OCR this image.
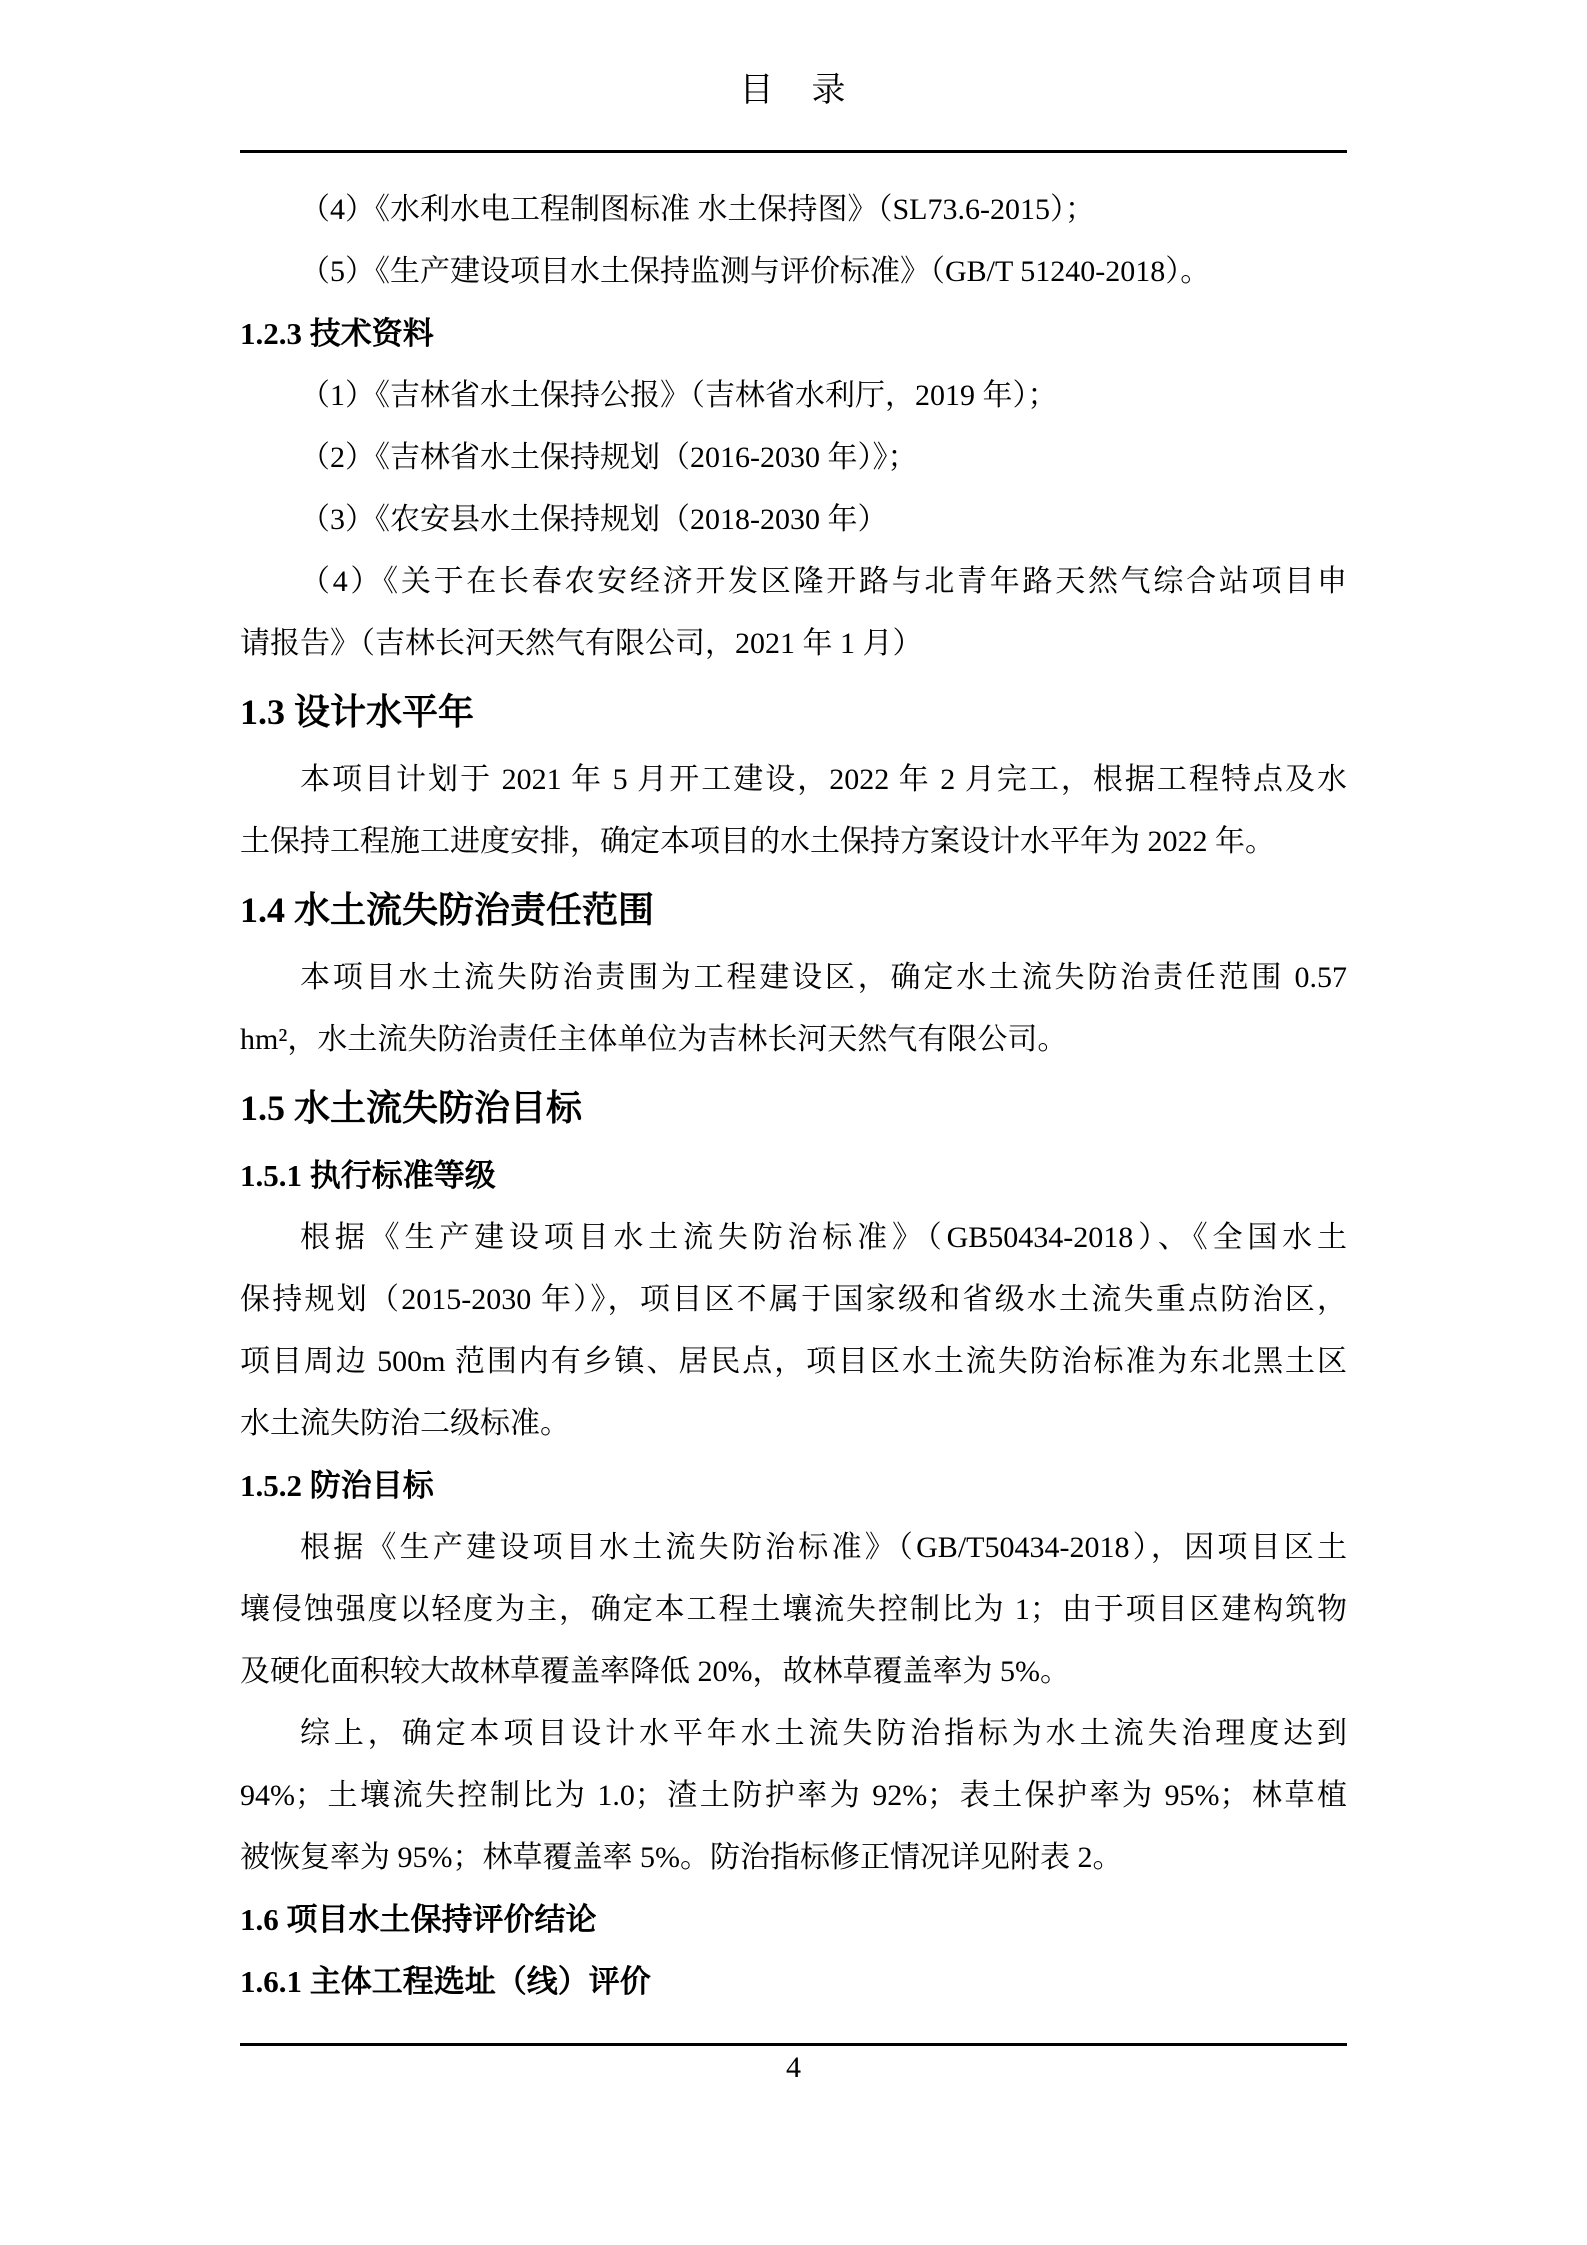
目　录
（4）《水利水电工程制图标准 水土保持图》（SL73.6-2015）；
（5）《生产建设项目水土保持监测与评价标准》（GB/T 51240-2018）。
1.2.3 技术资料
（1）《吉林省水土保持公报》（吉林省水利厅，2019 年）；
（2）《吉林省水土保持规划（2016-2030 年）》；
（3）《农安县水土保持规划（2018-2030 年）
（4）《关于在长春农安经济开发区隆开路与北青年路天然气综合站项目申
请报告》（吉林长河天然气有限公司，2021 年 1 月）
1.3 设计水平年
本项目计划于 2021 年 5 月开工建设，2022 年 2 月完工，根据工程特点及水
土保持工程施工进度安排，确定本项目的水土保持方案设计水平年为 2022 年。
1.4 水土流失防治责任范围
本项目水土流失防治责围为工程建设区，确定水土流失防治责任范围 0.57
hm²，水土流失防治责任主体单位为吉林长河天然气有限公司。
1.5 水土流失防治目标
1.5.1 执行标准等级
根据《生产建设项目水土流失防治标准》（GB50434-2018）、《全国水土
保持规划（2015-2030 年）》，项目区不属于国家级和省级水土流失重点防治区，
项目周边 500m 范围内有乡镇、居民点，项目区水土流失防治标准为东北黑土区
水土流失防治二级标准。
1.5.2 防治目标
根据《生产建设项目水土流失防治标准》（GB/T50434-2018），因项目区土
壤侵蚀强度以轻度为主，确定本工程土壤流失控制比为 1；由于项目区建构筑物
及硬化面积较大故林草覆盖率降低 20%，故林草覆盖率为 5%。
综上，确定本项目设计水平年水土流失防治指标为水土流失治理度达到
94%；土壤流失控制比为 1.0；渣土防护率为 92%；表土保护率为 95%；林草植
被恢复率为 95%；林草覆盖率 5%。防治指标修正情况详见附表 2。
1.6 项目水土保持评价结论
1.6.1 主体工程选址（线）评价
4
